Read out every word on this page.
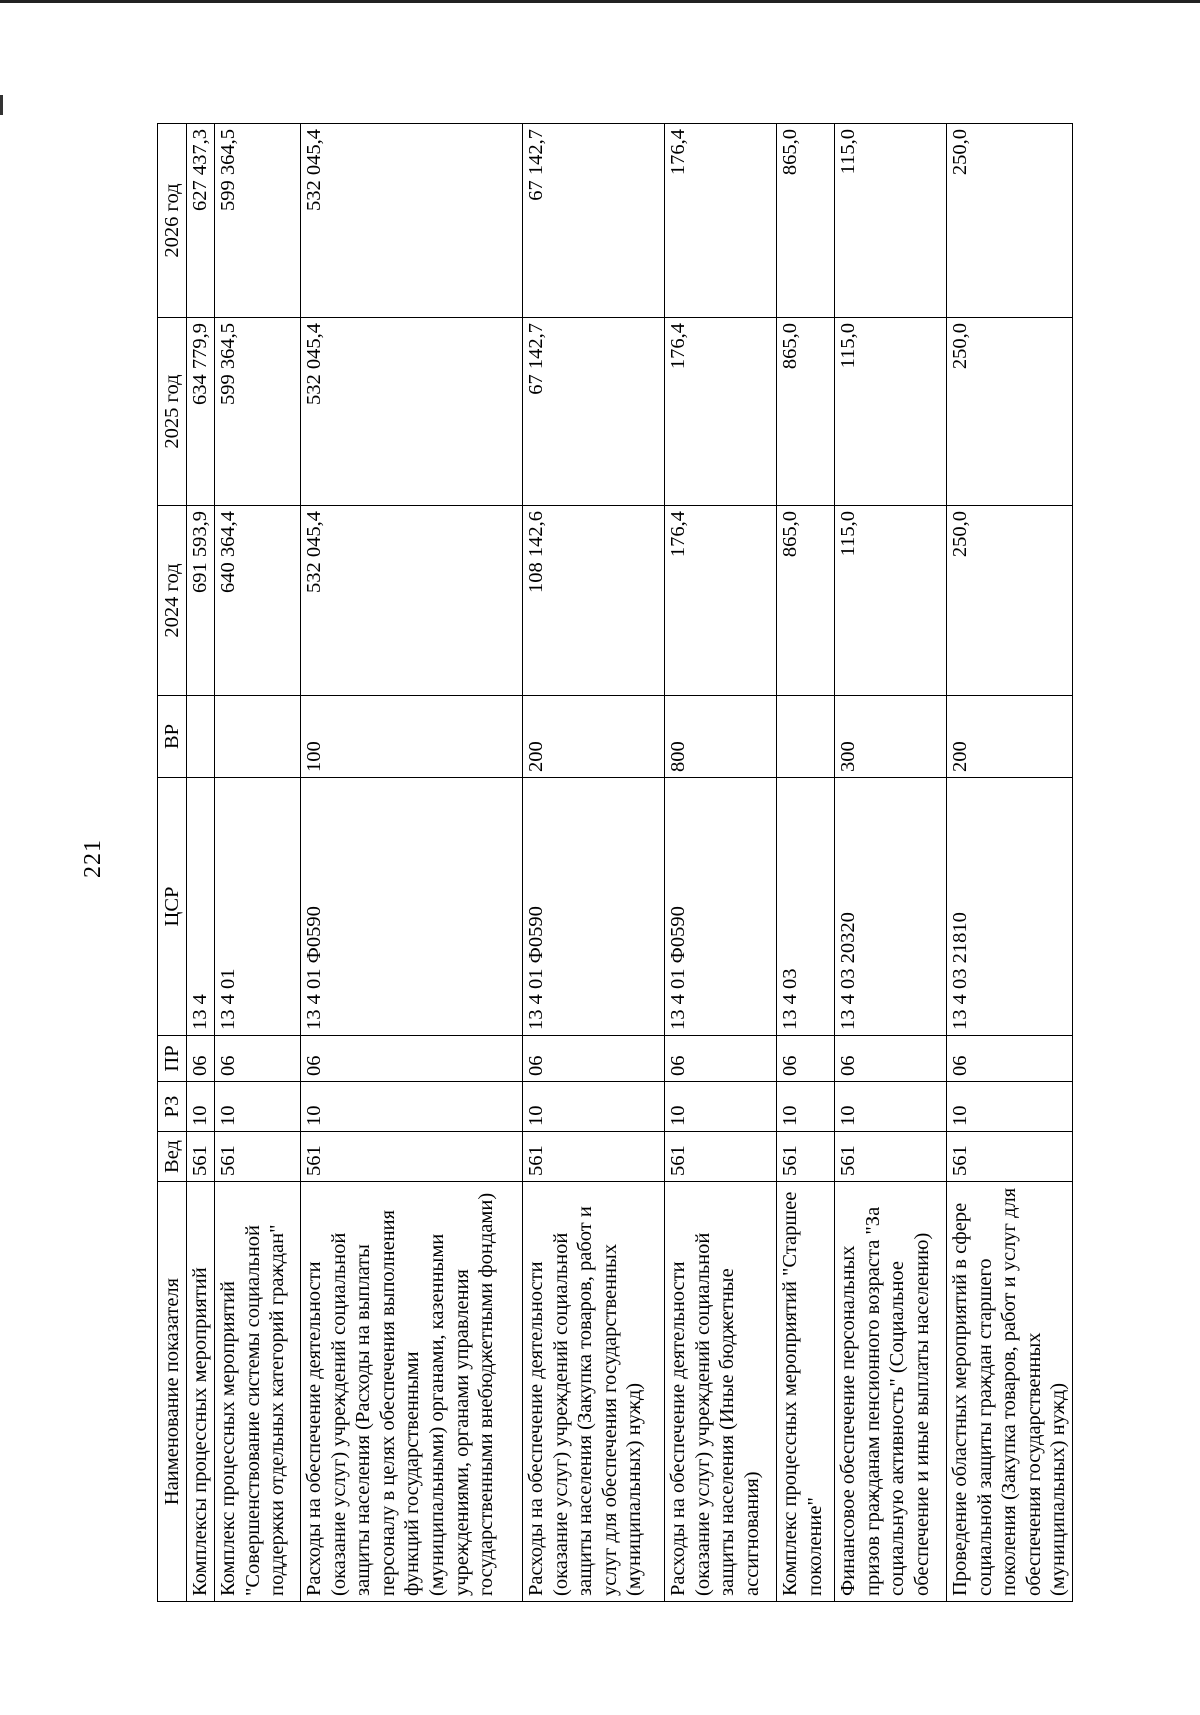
221
Наименование показателя	Вед	РЗ	ПР	ЦСР	ВР	2024 год	2025 год	2026 год
Комплексы процессных мероприятий	561	10	06	13 4		691 593,9	634 779,9	627 437,3
Комплекс процессных мероприятий "Совершенствование системы социальной поддержки отдельных категорий граждан"	561	10	06	13 4 01		640 364,4	599 364,5	599 364,5
Расходы на обеспечение деятельности (оказание услуг) учреждений социальной защиты населения (Расходы на выплаты персоналу в целях обеспечения выполнения функций государственными (муниципальными) органами, казенными учреждениями, органами управления государственными внебюджетными фондами)	561	10	06	13 4 01 Ф0590	100	532 045,4	532 045,4	532 045,4
Расходы на обеспечение деятельности (оказание услуг) учреждений социальной защиты населения (Закупка товаров, работ и услуг для обеспечения государственных (муниципальных) нужд)	561	10	06	13 4 01 Ф0590	200	108 142,6	67 142,7	67 142,7
Расходы на обеспечение деятельности (оказание услуг) учреждений социальной защиты населения (Иные бюджетные ассигнования)	561	10	06	13 4 01 Ф0590	800	176,4	176,4	176,4
Комплекс процессных мероприятий "Старшее поколение"	561	10	06	13 4 03		865,0	865,0	865,0
Финансовое обеспечение персональных призов гражданам пенсионного возраста "За социальную активность" (Социальное обеспечение и иные выплаты населению)	561	10	06	13 4 03 20320	300	115,0	115,0	115,0
Проведение областных мероприятий в сфере социальной защиты граждан старшего поколения (Закупка товаров, работ и услуг для обеспечения государственных (муниципальных) нужд)	561	10	06	13 4 03 21810	200	250,0	250,0	250,0
